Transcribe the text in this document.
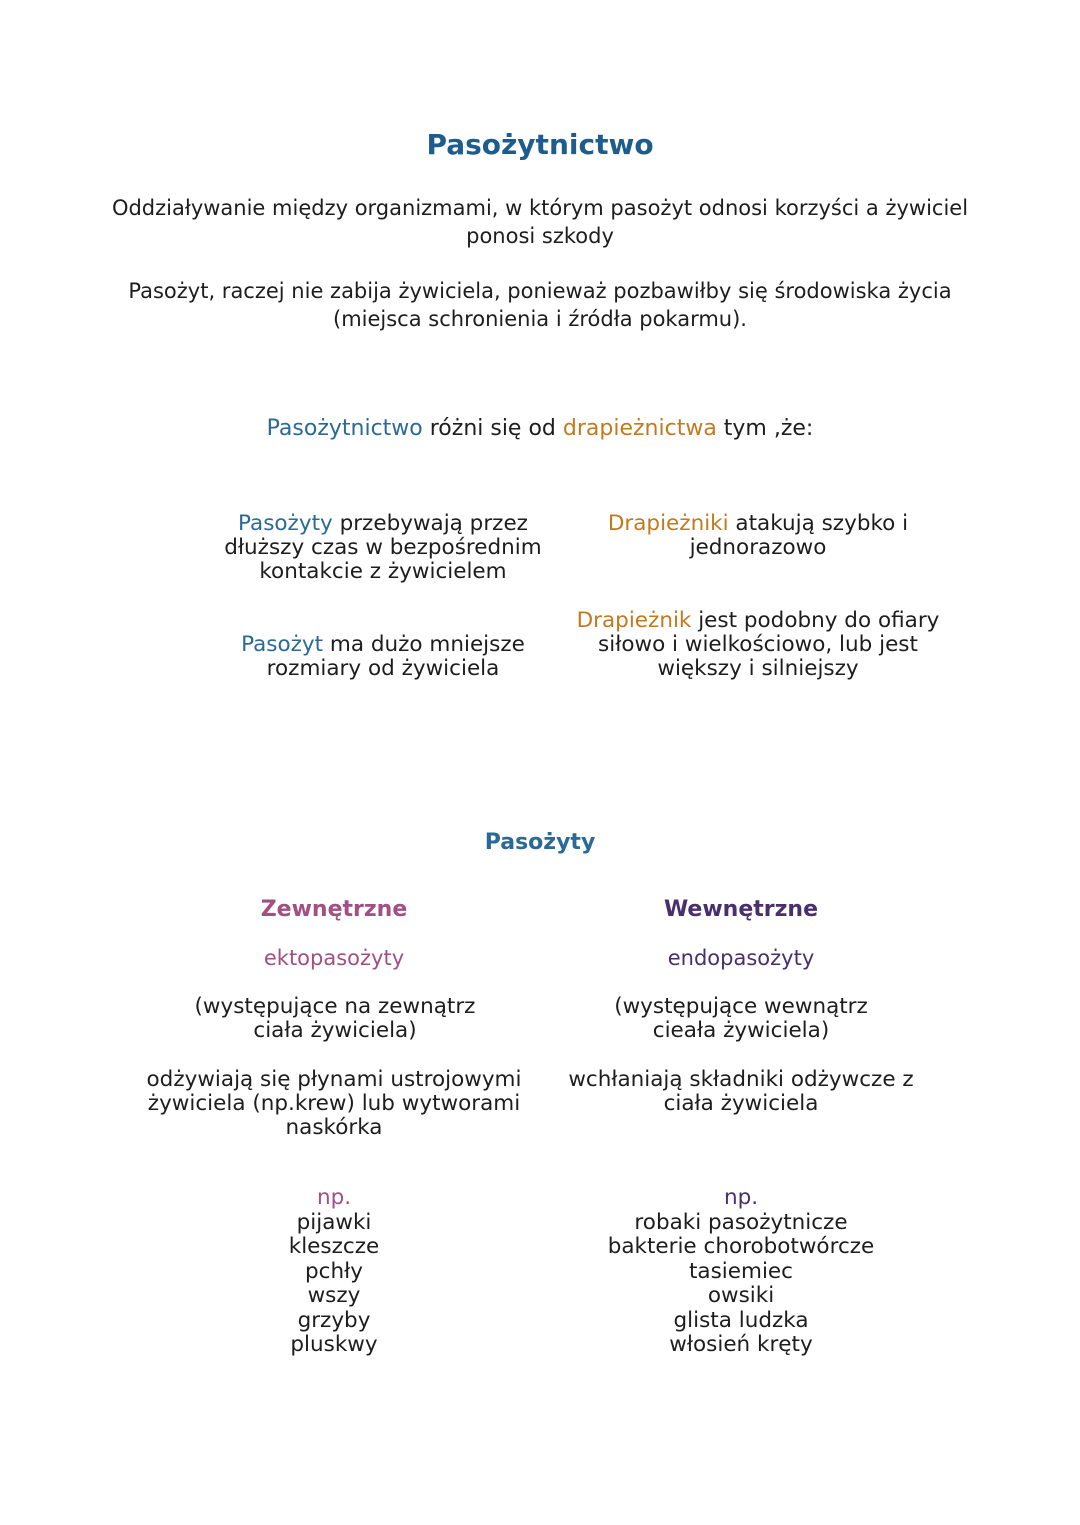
Pasożytnictwo
Oddziaływanie między organizmami, w którym pasożyt odnosi korzyści a żywiciel ponosi szkody
Pasożyt, raczej nie zabija żywiciela, ponieważ pozbawiłby się środowiska życia (miejsca schronienia i źródła pokarmu).
Pasożytnictwo różni się od drapieżnictwa tym ,że:
Pasożyty przebywają przez dłuższy czas w bezpośrednim kontakcie z żywicielem
Pasożyt ma dużo mniejsze rozmiary od żywiciela
Drapieżniki atakują szybko i jednorazowo
Drapieżnik jest podobny do ofiary siłowo i wielkościowo, lub jest większy i silniejszy
Pasożyty
Zewnętrzne
ektopasożyty
(występujące na zewnątrz ciała żywiciela)
odżywiają się płynami ustrojowymi żywiciela (np.krew) lub wytworami naskórka
np.
pijawki
kleszcze
pchły
wszy
grzyby
pluskwy
Wewnętrzne
endopasożyty
(występujące wewnątrz cieała żywiciela)
wchłaniają składniki odżywcze z ciała żywiciela
np.
robaki pasożytnicze
bakterie chorobotwórcze
tasiemiec
owsiki
glista ludzka
włosień kręty
